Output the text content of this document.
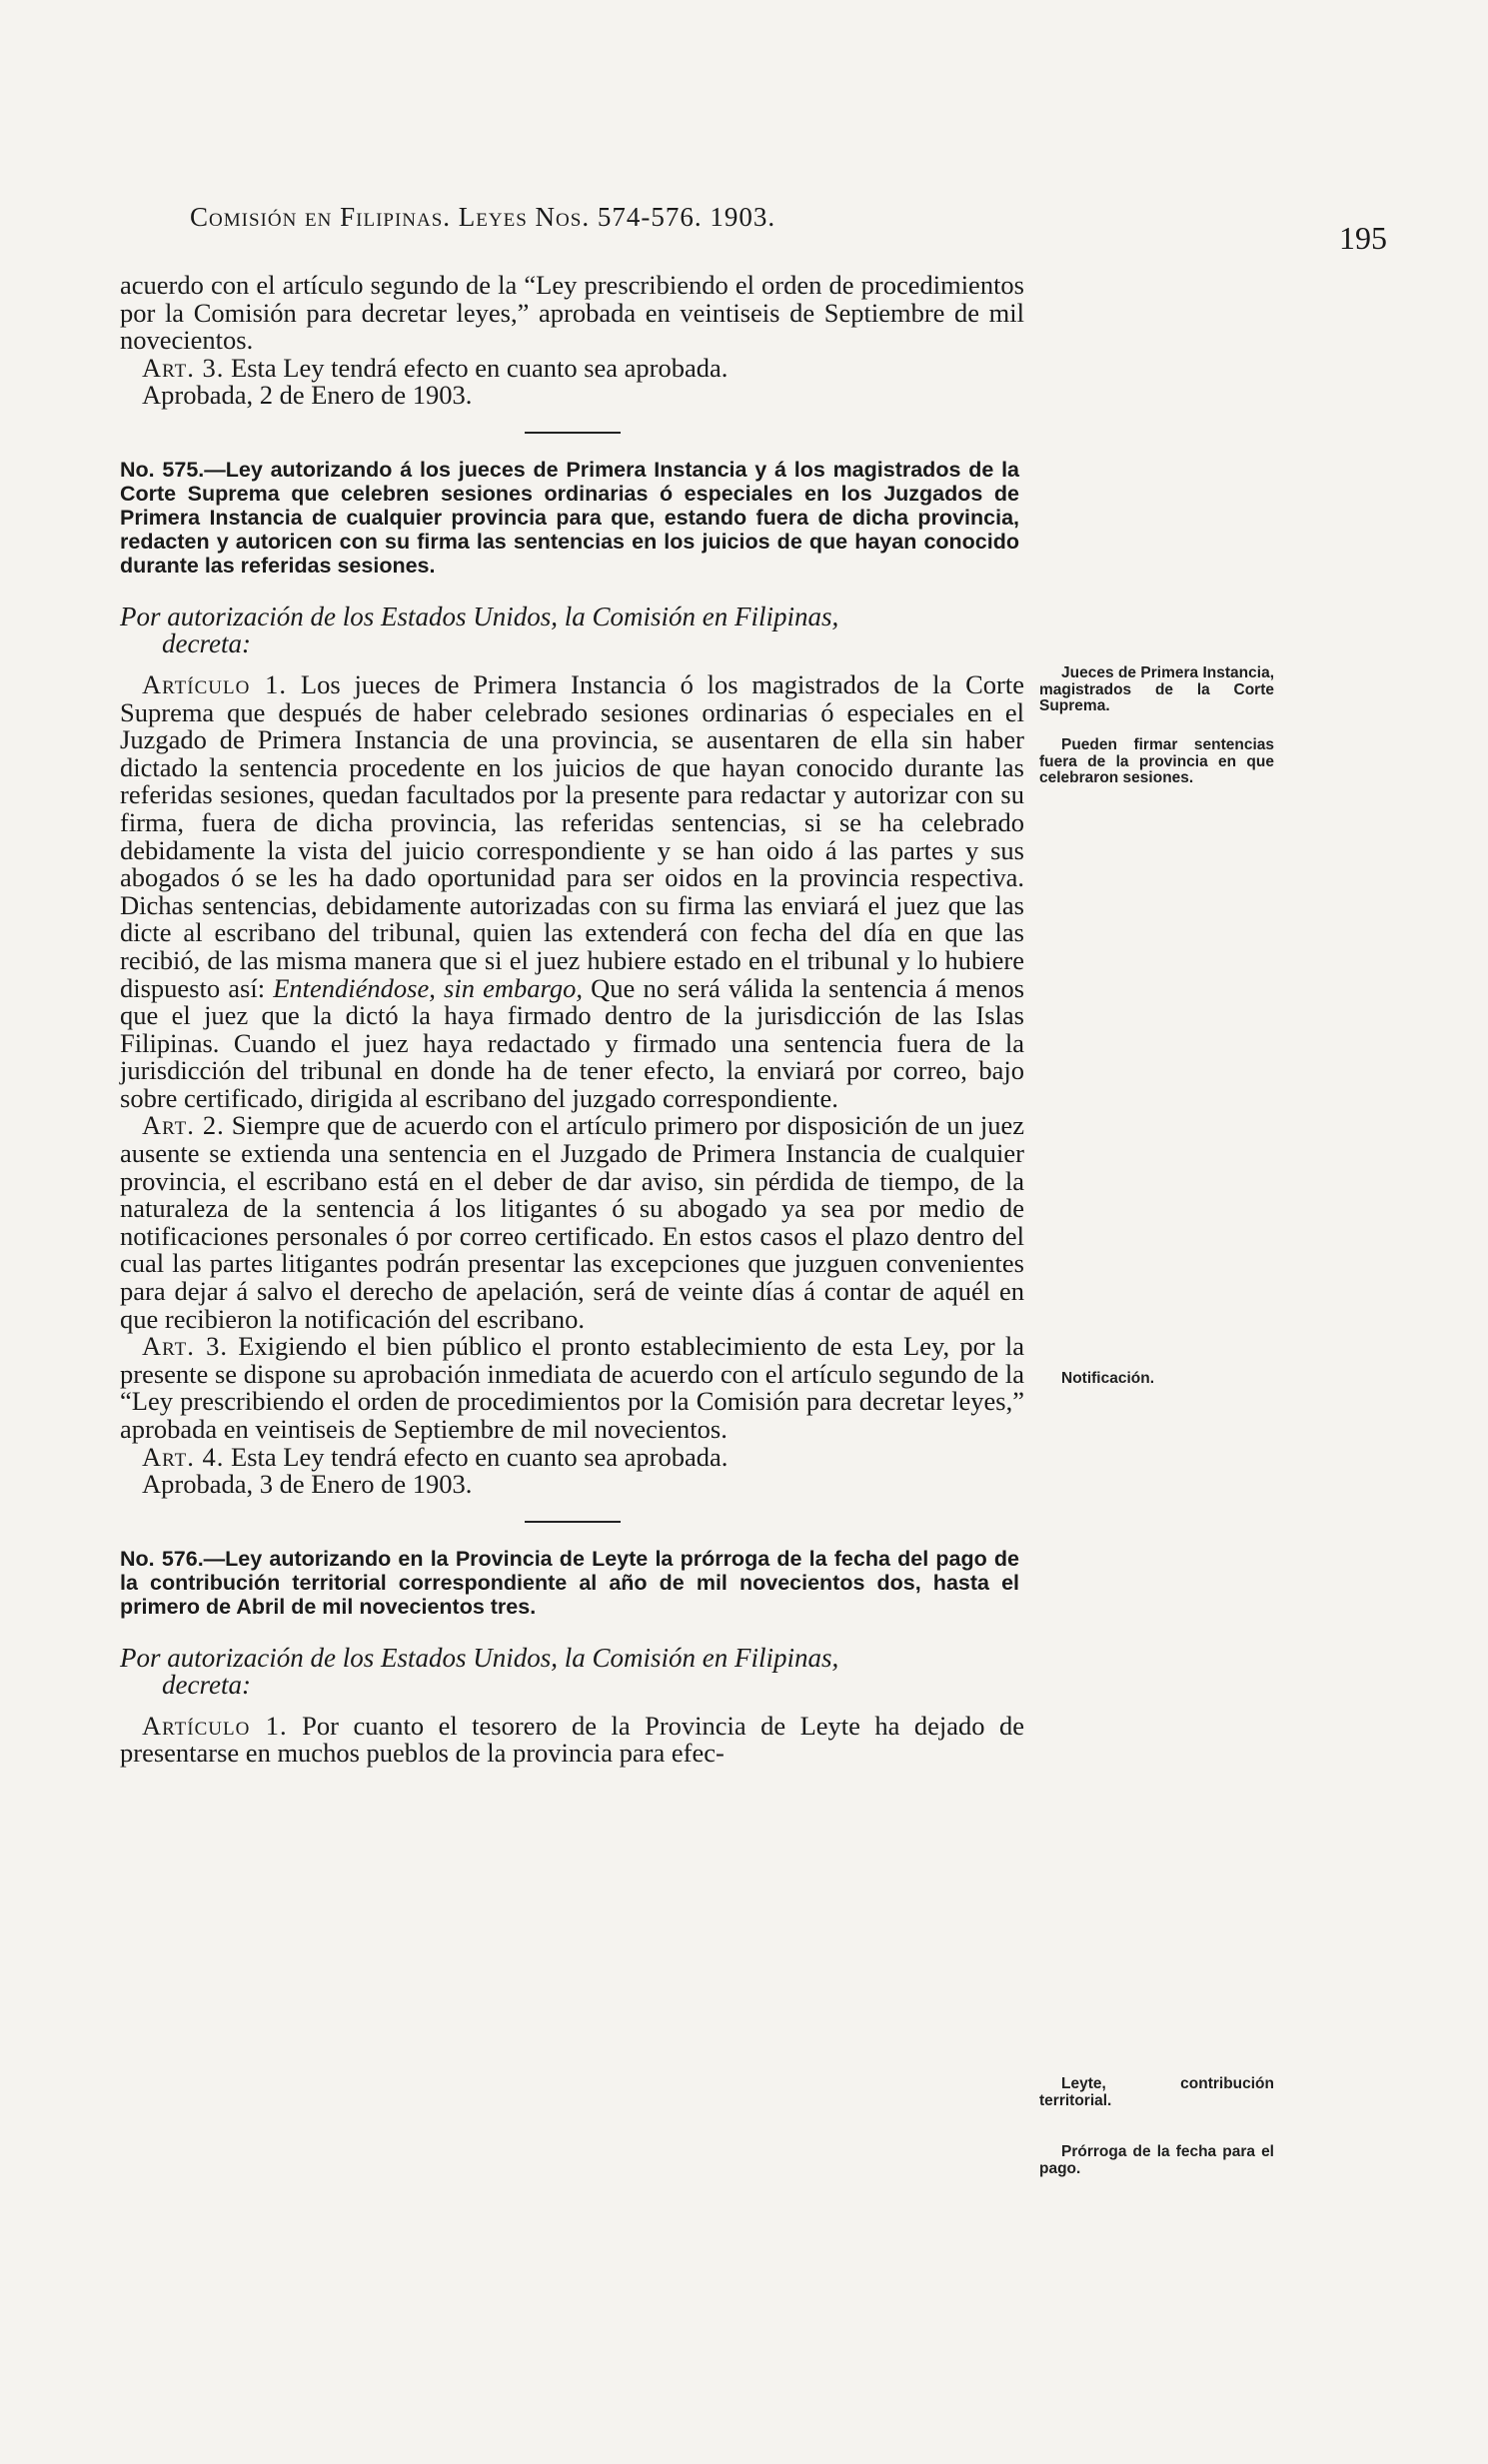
Comisión en Filipinas. Leyes Nos. 574-576. 1903.
195

acuerdo con el artículo segundo de la “Ley prescribiendo el orden de procedimientos por la Comisión para decretar leyes,” aprobada en veintiseis de Septiembre de mil novecientos.

Art. 3. Esta Ley tendrá efecto en cuanto sea aprobada.

Aprobada, 2 de Enero de 1903.

No. 575.—Ley autorizando á los jueces de Primera Instancia y á los magistrados de la Corte Suprema que celebren sesiones ordinarias ó especiales en los Juzgados de Primera Instancia de cualquier provincia para que, estando fuera de dicha provincia, redacten y autoricen con su firma las sentencias en los juicios de que hayan conocido durante las referidas sesiones.

Por autorización de los Estados Unidos, la Comisión en Filipinas,
decreta:

Artículo 1. Los jueces de Primera Instancia ó los magistrados de la Corte Suprema que después de haber celebrado sesiones ordinarias ó especiales en el Juzgado de Primera Instancia de una provincia, se ausentaren de ella sin haber dictado la sentencia procedente en los juicios de que hayan conocido durante las referidas sesiones, quedan facultados por la presente para redactar y autorizar con su firma, fuera de dicha provincia, las referidas sentencias, si se ha celebrado debidamente la vista del juicio correspondiente y se han oido á las partes y sus abogados ó se les ha dado oportunidad para ser oidos en la provincia respectiva. Dichas sentencias, debidamente autorizadas con su firma las enviará el juez que las dicte al escribano del tribunal, quien las extenderá con fecha del día en que las recibió, de las misma manera que si el juez hubiere estado en el tribunal y lo hubiere dispuesto así: Entendiéndose, sin embargo, Que no será válida la sentencia á menos que el juez que la dictó la haya firmado dentro de la jurisdicción de las Islas Filipinas. Cuando el juez haya redactado y firmado una sentencia fuera de la jurisdicción del tribunal en donde ha de tener efecto, la enviará por correo, bajo sobre certificado, dirigida al escribano del juzgado correspondiente.

Art. 2. Siempre que de acuerdo con el artículo primero por disposición de un juez ausente se extienda una sentencia en el Juzgado de Primera Instancia de cualquier provincia, el escribano está en el deber de dar aviso, sin pérdida de tiempo, de la naturaleza de la sentencia á los litigantes ó su abogado ya sea por medio de notificaciones personales ó por correo certificado. En estos casos el plazo dentro del cual las partes litigantes podrán presentar las excepciones que juzguen convenientes para dejar á salvo el derecho de apelación, será de veinte días á contar de aquél en que recibieron la notificación del escribano.

Art. 3. Exigiendo el bien público el pronto establecimiento de esta Ley, por la presente se dispone su aprobación inmediata de acuerdo con el artículo segundo de la “Ley prescribiendo el orden de procedimientos por la Comisión para decretar leyes,” aprobada en veintiseis de Septiembre de mil novecientos.

Art. 4. Esta Ley tendrá efecto en cuanto sea aprobada.

Aprobada, 3 de Enero de 1903.

No. 576.—Ley autorizando en la Provincia de Leyte la prórroga de la fecha del pago de la contribución territorial correspondiente al año de mil novecientos dos, hasta el primero de Abril de mil novecientos tres.

Por autorización de los Estados Unidos, la Comisión en Filipinas,
decreta:

Artículo 1. Por cuanto el tesorero de la Provincia de Leyte ha dejado de presentarse en muchos pueblos de la provincia para efec-

Jueces de Primera Instancia, magistrados de la Corte Suprema.
Pueden firmar sentencias fuera de la provincia en que celebraron sesiones.
Notificación.
Leyte, contribución territorial.
Prórroga de la fecha para el pago.
